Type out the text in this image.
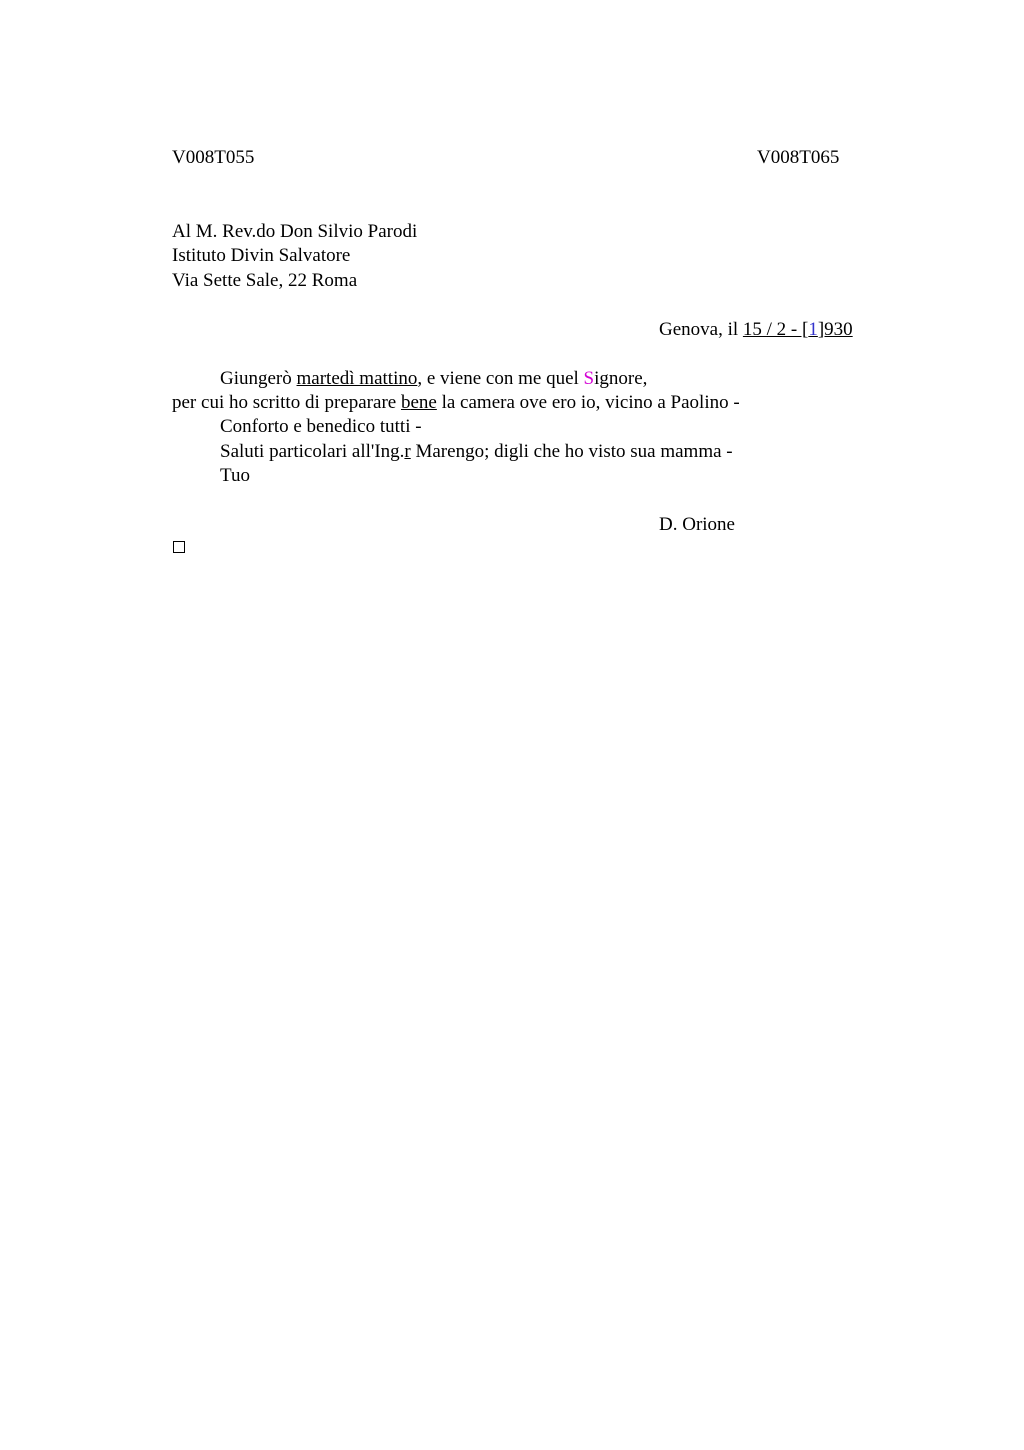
V008T055	V008T065
Al M. Rev.do Don Silvio Parodi
Istituto Divin Salvatore
Via Sette Sale, 22 Roma
Genova, il 15 / 2 - [1]930
Giungerò martedì mattino, e viene con me quel Signore,
per cui ho scritto di preparare bene la camera ove ero io, vicino a Paolino -
Conforto e benedico tutti -
Saluti particolari all'Ing.r Marengo; digli che ho visto sua mamma -
Tuo
D. Orione
